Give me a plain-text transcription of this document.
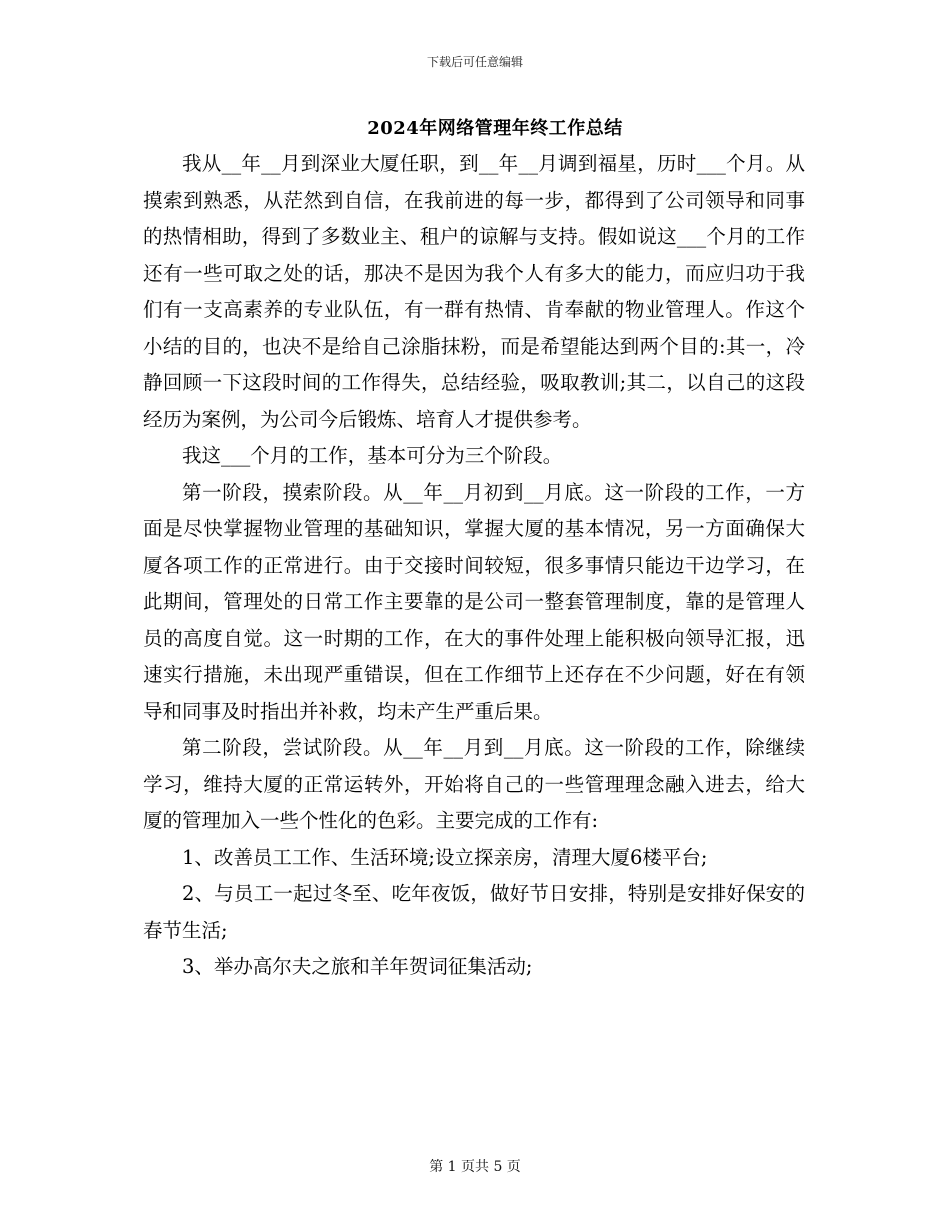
下载后可任意编辑
2024年网络管理年终工作总结

我从__年__月到深业大厦任职，到__年__月调到福星，历时___个月。从摸索到熟悉，从茫然到自信，在我前进的每一步，都得到了公司领导和同事的热情相助，得到了多数业主、租户的谅解与支持。假如说这___个月的工作还有一些可取之处的话，那决不是因为我个人有多大的能力，而应归功于我们有一支高素养的专业队伍，有一群有热情、肯奉献的物业管理人。作这个小结的目的，也决不是给自己涂脂抹粉，而是希望能达到两个目的:其一，冷静回顾一下这段时间的工作得失，总结经验，吸取教训;其二，以自己的这段经历为案例，为公司今后锻炼、培育人才提供参考。

我这___个月的工作，基本可分为三个阶段。

第一阶段，摸索阶段。从__年__月初到__月底。这一阶段的工作，一方面是尽快掌握物业管理的基础知识，掌握大厦的基本情况，另一方面确保大厦各项工作的正常进行。由于交接时间较短，很多事情只能边干边学习，在此期间，管理处的日常工作主要靠的是公司一整套管理制度，靠的是管理人员的高度自觉。这一时期的工作，在大的事件处理上能积极向领导汇报，迅速实行措施，未出现严重错误，但在工作细节上还存在不少问题，好在有领导和同事及时指出并补救，均未产生严重后果。

第二阶段，尝试阶段。从__年__月到__月底。这一阶段的工作，除继续学习，维持大厦的正常运转外，开始将自己的一些管理理念融入进去，给大厦的管理加入一些个性化的色彩。主要完成的工作有:

1、改善员工工作、生活环境;设立探亲房，清理大厦6楼平台;

2、与员工一起过冬至、吃年夜饭，做好节日安排，特别是安排好保安的春节生活;

3、举办高尔夫之旅和羊年贺词征集活动;

第 1 页共 5 页
